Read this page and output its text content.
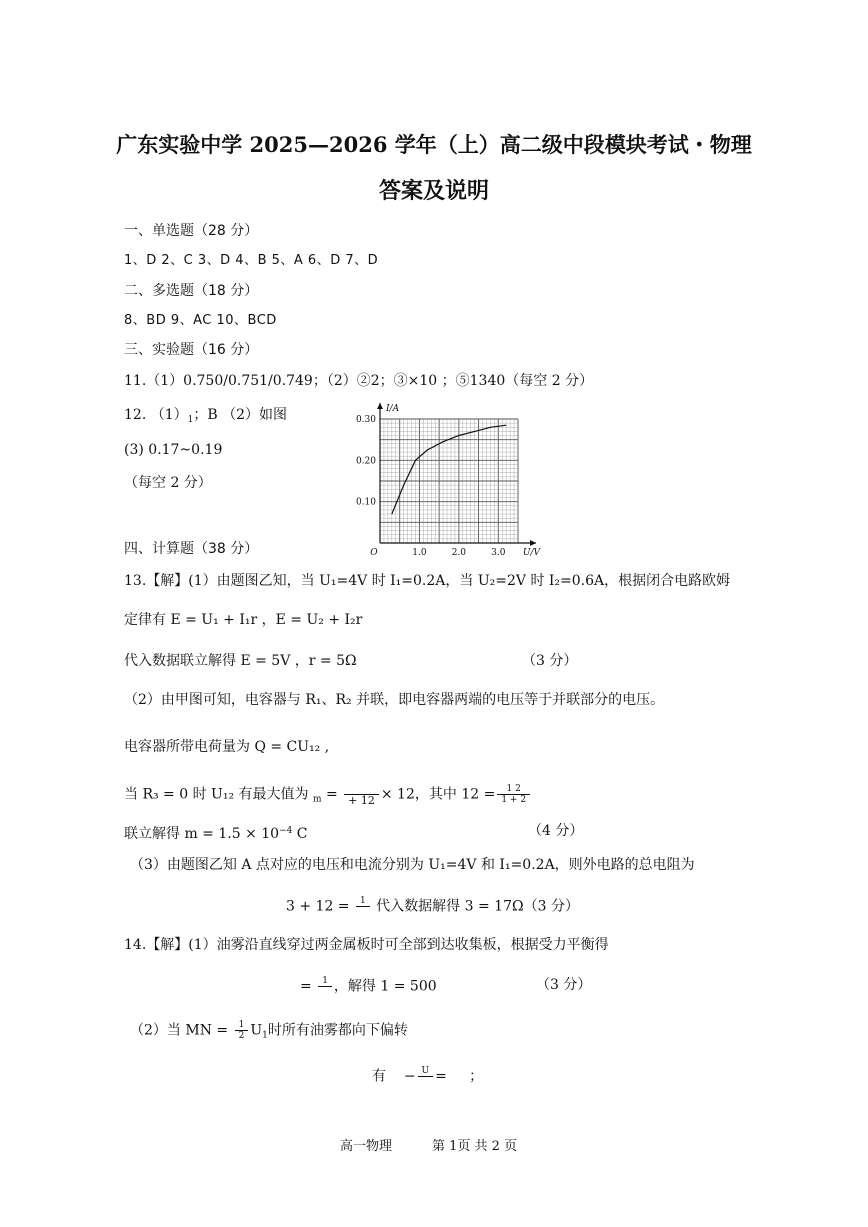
广东实验中学 2025—2026 学年（上）高二级中段模块考试・物理
答案及说明
一、单选题（28 分）
1、D 2、C 3、D 4、B 5、A 6、D 7、D
二、多选题（18 分）
8、BD 9、AC 10、BCD
三、实验题（16 分）
11.（1）0.750/0.751/0.749；（2）②2；③×10 ；⑤1340（每空 2 分）
12. $(1)_1$；B （2）如图
(3) 0.17~0.19
（每空 2 分）
0.10
0.20
0.30
1.0	2.0	3.0
O	U/V
I/A
四、计算题（38 分）
13.【解】(1）由题图乙知，当 U₁=4V 时 I₁=0.2A，当 U₂=2V 时 I₂=0.6A，根据闭合电路欧姆
定律有 E = U₁ + I₁r ，E = U₂ + I₂r
代入数据联立解得 E = 5V ，r = 5Ω	（3 分）
（2）由甲图可知，电容器与 R₁、R₂ 并联，即电容器两端的电压等于并联部分的电压。
电容器所带电荷量为 Q = CU₁₂ ,
当 R₃ = 0 时 U₁₂ 有最大值为 $_m$ =
+ 12 × 12，其中 $12 = \frac{1 2}{1 + 2}$
联立解得 $m = 1.5 \times 10^{-4}$ C	（4 分）
（3）由题图乙知 A 点对应的电压和电流分别为 U₁=4V 和 I₁=0.2A，则外电路的总电阻为
3 + 12 =	1
代入数据解得 3 = 17Ω（3 分）
14.【解】(1）油雾沿直线穿过两金属板时可全部到达收集板，根据受力平衡得
=	1
，解得 1 = 500	（3 分）
（2）当 MN = $\frac{1}{2} U_1$时所有油雾都向下偏转
有 − U
= ；
高一物理	第 1页 共 2 页
